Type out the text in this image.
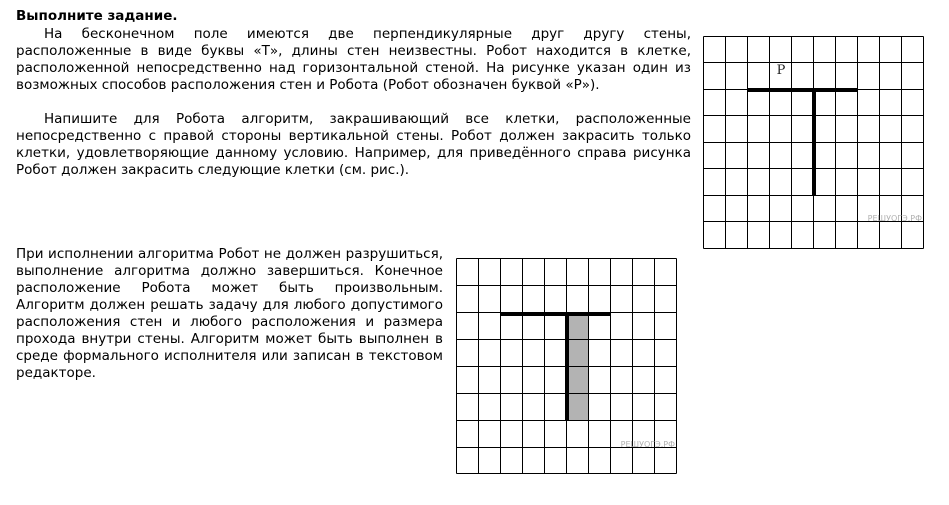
Выполните задание.

На бесконечном поле имеются две перпендикулярные друг другу стены, расположенные в виде буквы «Т», длины стен неизвестны. Робот находится в клетке, расположенной непосредственно над горизонтальной стеной. На рисунке указан один из возможных способов расположения стен и Робота (Робот обозначен буквой «Р»).

Напишите для Робота алгоритм, закрашивающий все клетки, расположенные непосредственно с правой стороны вертикальной стены. Робот должен закрасить только клетки, удовлетворяющие данному условию. Например, для приведённого справа рисунка Робот должен закрасить следующие клетки (см. рис.).

При исполнении алгоритма Робот не должен разрушиться, выполнение алгоритма должно завершиться. Конечное расположение Робота может быть произвольным. Алгоритм должен решать задачу для любого допустимого расположения стен и любого расположения и размера прохода внутри стены. Алгоритм может быть выполнен в среде формального исполнителя или записан в текстовом редакторе.

Р
РЕШУОГЭ.РФ
РЕШУОГЭ.РФ
